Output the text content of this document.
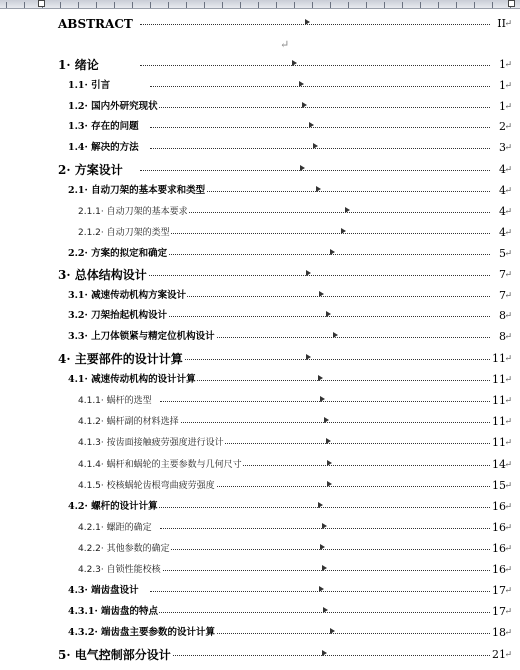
ABSTRACT	II
↵
↵
1· 绪论	1
↵
1.1· 引言	1
↵
1.2· 国内外研究现状	1
↵
1.3· 存在的问题	2
↵
1.4· 解决的方法	3
↵
2· 方案设计	4
↵
2.1· 自动刀架的基本要求和类型	4
↵
2.1.1· 自动刀架的基本要求	4
↵
2.1.2· 自动刀架的类型	4
↵
2.2· 方案的拟定和确定	5
↵
3· 总体结构设计	7
↵
3.1· 减速传动机构方案设计	7
↵
3.2· 刀架抬起机构设计	8
↵
3.3· 上刀体锁紧与精定位机构设计	8
↵
4· 主要部件的设计计算	11
↵
4.1· 减速传动机构的设计计算	11
↵
4.1.1· 蜗杆的选型	11
↵
4.1.2· 蜗杆副的材料选择	11
↵
4.1.3· 按齿面接触疲劳强度进行设计	11
↵
4.1.4· 蜗杆和蜗轮的主要参数与几何尺寸	14
↵
4.1.5· 校核蜗轮齿根弯曲疲劳强度	15
↵
4.2· 螺杆的设计计算	16
↵
4.2.1· 螺距的确定	16
↵
4.2.2· 其他参数的确定	16
↵
4.2.3· 自锁性能校核	16
↵
4.3· 端齿盘设计	17
↵
4.3.1· 端齿盘的特点	17
↵
4.3.2· 端齿盘主要参数的设计计算	18
↵
5· 电气控制部分设计	21
↵
